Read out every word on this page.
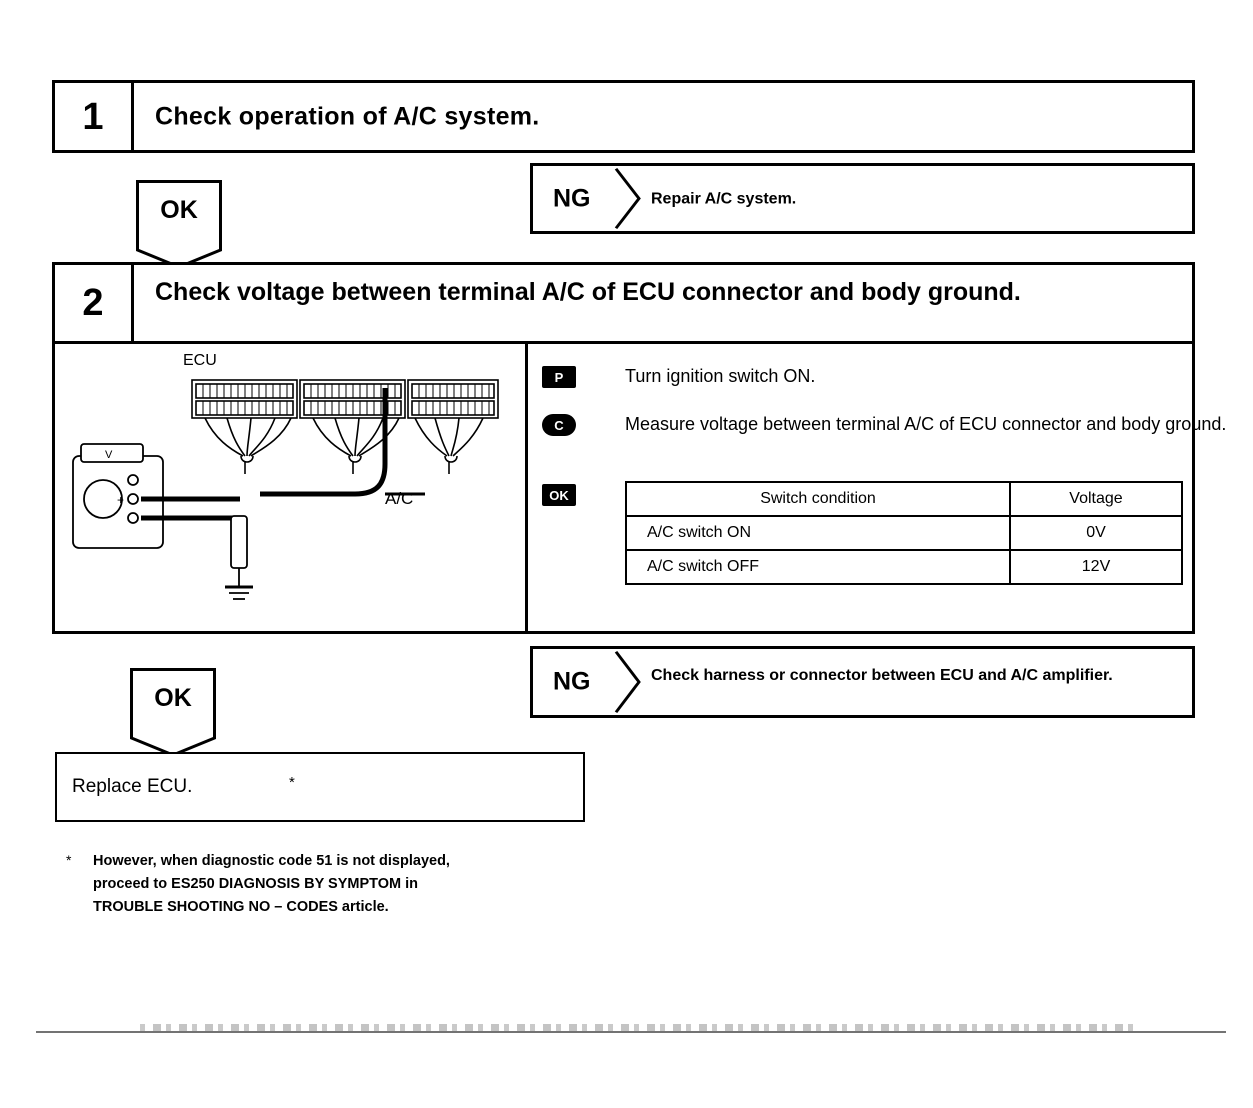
1 Check operation of A/C system.
OK	NG	Repair A/C system.
2 Check voltage between terminal A/C of ECU connector and body ground.
ECU
A/C
V
+
P	Turn ignition switch ON.
C	Measure voltage between terminal A/C of ECU connector and body ground.
OK	Switch condition	Voltage
A/C switch ON	0V
A/C switch OFF	12V
OK
NG	Check harness or connector between ECU and A/C amplifier.
Replace ECU.	*
* However, when diagnostic code 51 is not displayed,
proceed to ES250 DIAGNOSIS BY SYMPTOM in
TROUBLE SHOOTING NO – CODES article.
